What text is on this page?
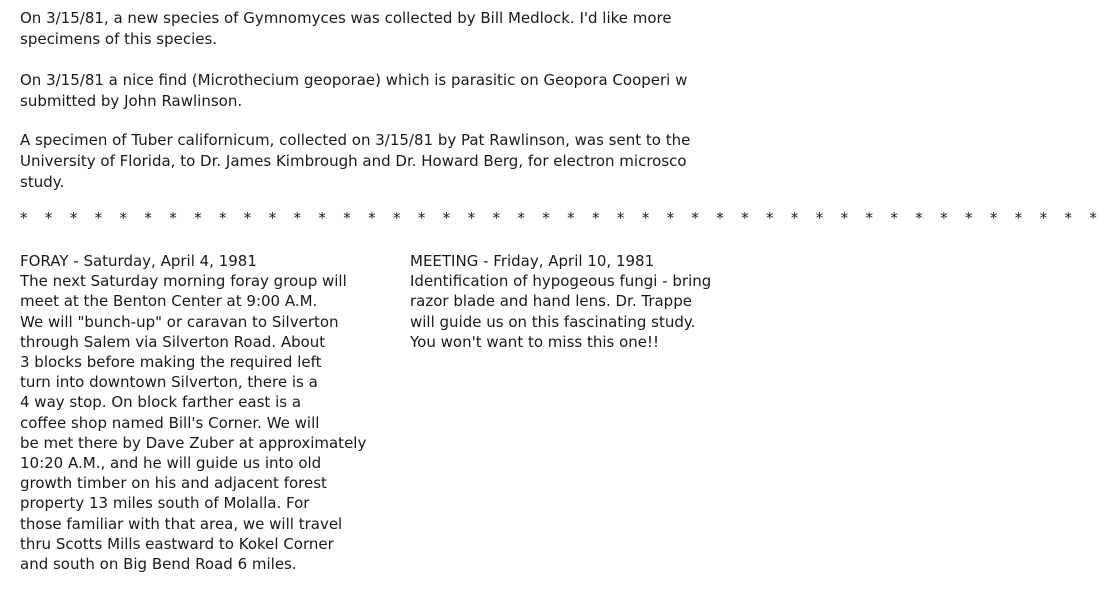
On 3/15/81, a new species of Gymnomyces was collected by Bill Medlock. I'd like more
specimens of this species.
On 3/15/81 a nice find (Microthecium geoporae) which is parasitic on Geopora Cooperi w
submitted by John Rawlinson.
A specimen of Tuber californicum, collected on 3/15/81 by Pat Rawlinson, was sent to the
University of Florida, to Dr. James Kimbrough and Dr. Howard Berg, for electron microsco
study.
* * * * * * * * * * * * * * * * * * * * * * * * * * * * * * * * * * * * * * * * * * * *
FORAY - Saturday, April 4, 1981
The next Saturday morning foray group will
meet at the Benton Center at 9:00 A.M.
We will "bunch-up" or caravan to Silverton
through Salem via Silverton Road. About
3 blocks before making the required left
turn into downtown Silverton, there is a
4 way stop. On block farther east is a
coffee shop named Bill's Corner. We will
be met there by Dave Zuber at approximately
10:20 A.M., and he will guide us into old
growth timber on his and adjacent forest
property 13 miles south of Molalla. For
those familiar with that area, we will travel
thru Scotts Mills eastward to Kokel Corner
and south on Big Bend Road 6 miles.
MEETING - Friday, April 10, 1981
Identification of hypogeous fungi - bring
razor blade and hand lens. Dr. Trappe
will guide us on this fascinating study.
You won't want to miss this one!!
